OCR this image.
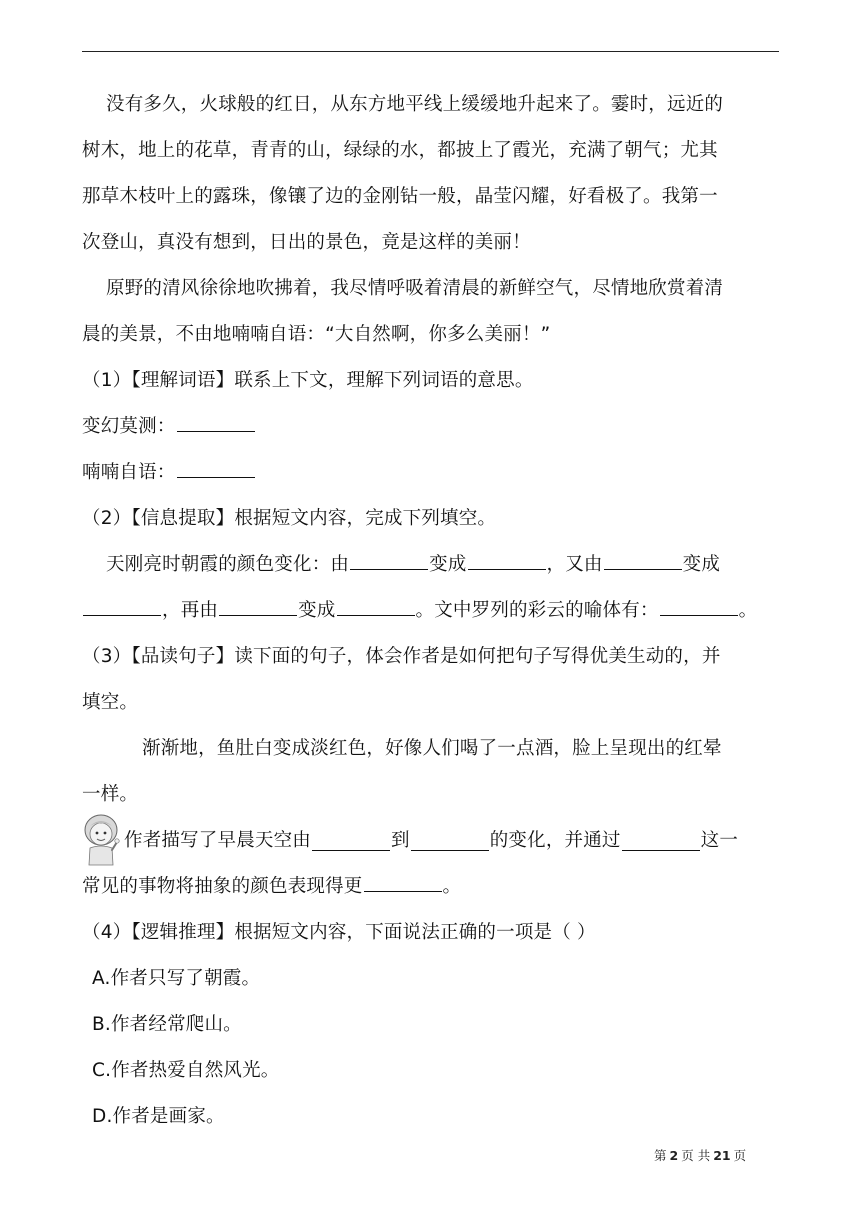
没有多久，火球般的红日，从东方地平线上缓缓地升起来了。霎时，远近的
树木，地上的花草，青青的山，绿绿的水，都披上了霞光，充满了朝气；尤其
那草木枝叶上的露珠，像镶了边的金刚钻一般，晶莹闪耀，好看极了。我第一
次登山，真没有想到，日出的景色，竟是这样的美丽！
原野的清风徐徐地吹拂着，我尽情呼吸着清晨的新鲜空气，尽情地欣赏着清
晨的美景，不由地喃喃自语：“大自然啊，你多么美丽！”
（1）【理解词语】联系上下文，理解下列词语的意思。
变幻莫测：
喃喃自语：
（2）【信息提取】根据短文内容，完成下列填空。
天刚亮时朝霞的颜色变化：由	变成	，又由	变成
，再由	变成	。文中罗列的彩云的喻体有：	。
（3）【品读句子】读下面的句子，体会作者是如何把句子写得优美生动的，并
填空。
渐渐地，鱼肚白变成淡红色，好像人们喝了一点酒，脸上呈现出的红晕
一样。
作者描写了早晨天空由	到	的变化，并通过	这一
常见的事物将抽象的颜色表现得更	。
（4）【逻辑推理】根据短文内容，下面说法正确的一项是（ ）
A.作者只写了朝霞。
B.作者经常爬山。
C.作者热爱自然风光。
D.作者是画家。
第 2 页 共 21 页
